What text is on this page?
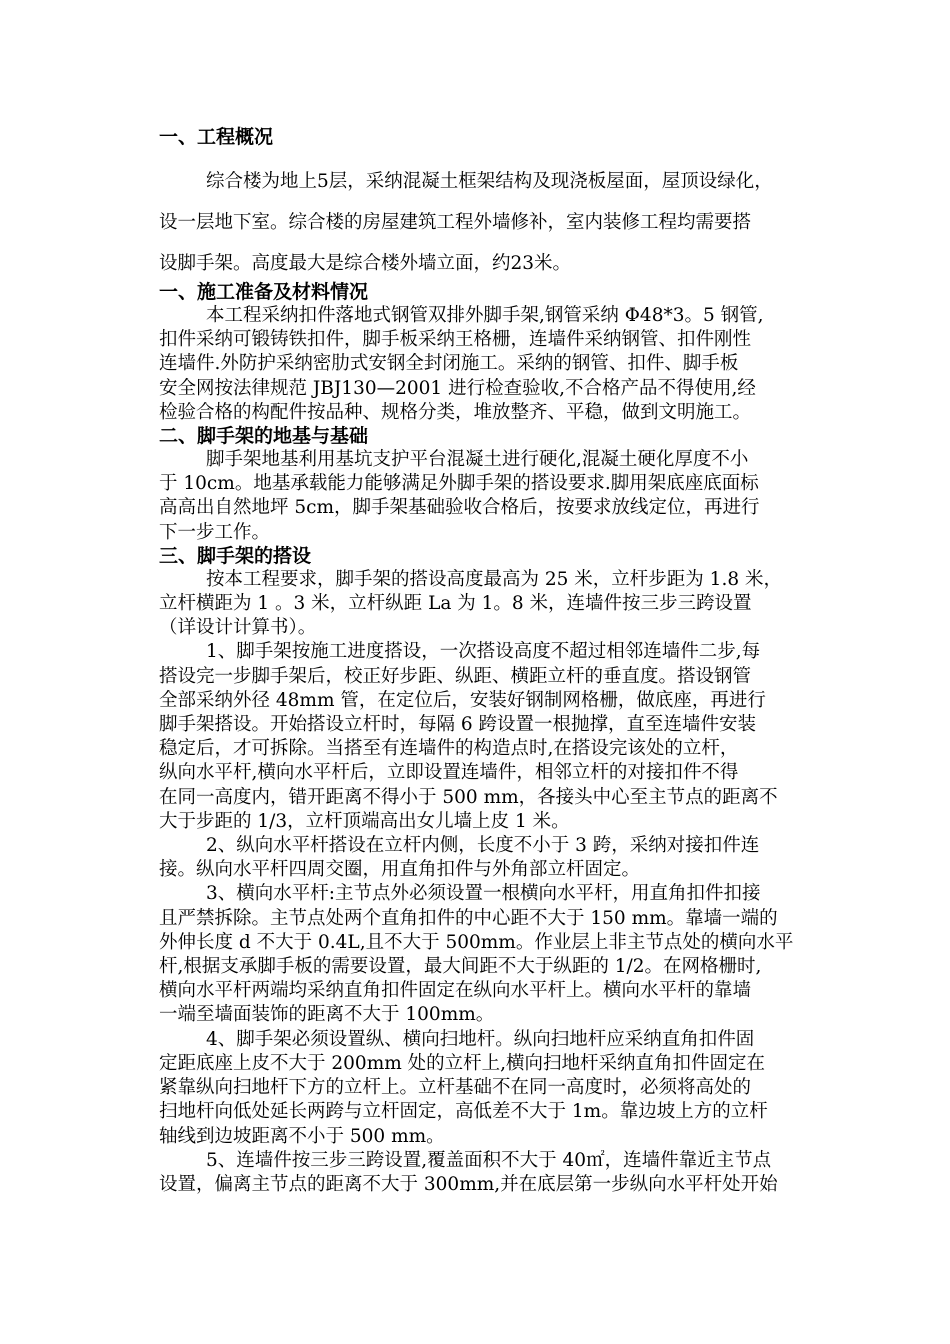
一、工程概况
综合楼为地上5层，采纳混凝土框架结构及现浇板屋面，屋顶设绿化，
设一层地下室。综合楼的房屋建筑工程外墙修补，室内装修工程均需要搭
设脚手架。高度最大是综合楼外墙立面，约23米。
一、施工准备及材料情况
本工程采纳扣件落地式钢管双排外脚手架,钢管采纳 Φ48*3。5 钢管,
扣件采纳可锻铸铁扣件，脚手板采纳王格栅，连墙件采纳钢管、扣件刚性
连墙件.外防护采纳密肋式安钢全封闭施工。采纳的钢管、扣件、脚手板
安全网按法律规范 JBJ130—2001 进行检查验收,不合格产品不得使用,经
检验合格的构配件按品种、规格分类，堆放整齐、平稳，做到文明施工。
二、脚手架的地基与基础
脚手架地基利用基坑支护平台混凝土进行硬化,混凝土硬化厚度不小
于 10cm。地基承载能力能够满足外脚手架的搭设要求.脚用架底座底面标
高高出自然地坪 5cm，脚手架基础验收合格后，按要求放线定位，再进行
下一步工作。
三、脚手架的搭设
按本工程要求，脚手架的搭设高度最高为 25 米，立杆步距为 1.8 米，
立杆横距为 1 。3 米，立杆纵距 La 为 1。8 米，连墙件按三步三跨设置
（详设计计算书）。
1、脚手架按施工进度搭设，一次搭设高度不超过相邻连墙件二步,每
搭设完一步脚手架后，校正好步距、纵距、横距立杆的垂直度。搭设钢管
全部采纳外径 48mm 管，在定位后，安装好钢制网格栅，做底座，再进行
脚手架搭设。开始搭设立杆时，每隔 6 跨设置一根抛撑，直至连墙件安装
稳定后，才可拆除。当搭至有连墙件的构造点时,在搭设完该处的立杆，
纵向水平杆,横向水平杆后，立即设置连墙件，相邻立杆的对接扣件不得
在同一高度内，错开距离不得小于 500 mm，各接头中心至主节点的距离不
大于步距的 1/3，立杆顶端高出女儿墙上皮 1 米。
2、纵向水平杆搭设在立杆内侧，长度不小于 3 跨，采纳对接扣件连
接。纵向水平杆四周交圈，用直角扣件与外角部立杆固定。
3、横向水平杆:主节点外必须设置一根横向水平杆，用直角扣件扣接
且严禁拆除。主节点处两个直角扣件的中心距不大于 150 mm。靠墙一端的
外伸长度 d 不大于 0.4L,且不大于 500mm。作业层上非主节点处的横向水平
杆,根据支承脚手板的需要设置，最大间距不大于纵距的 1/2。在网格栅时,
横向水平杆两端均采纳直角扣件固定在纵向水平杆上。横向水平杆的靠墙
一端至墙面装饰的距离不大于 100mm。
4、脚手架必须设置纵、横向扫地杆。纵向扫地杆应采纳直角扣件固
定距底座上皮不大于 200mm 处的立杆上,横向扫地杆采纳直角扣件固定在
紧靠纵向扫地杆下方的立杆上。立杆基础不在同一高度时，必须将高处的
扫地杆向低处延长两跨与立杆固定，高低差不大于 1m。靠边坡上方的立杆
轴线到边坡距离不小于 500 mm。
5、连墙件按三步三跨设置,覆盖面积不大于 40㎡，连墙件靠近主节点
设置，偏离主节点的距离不大于 300mm,并在底层第一步纵向水平杆处开始
